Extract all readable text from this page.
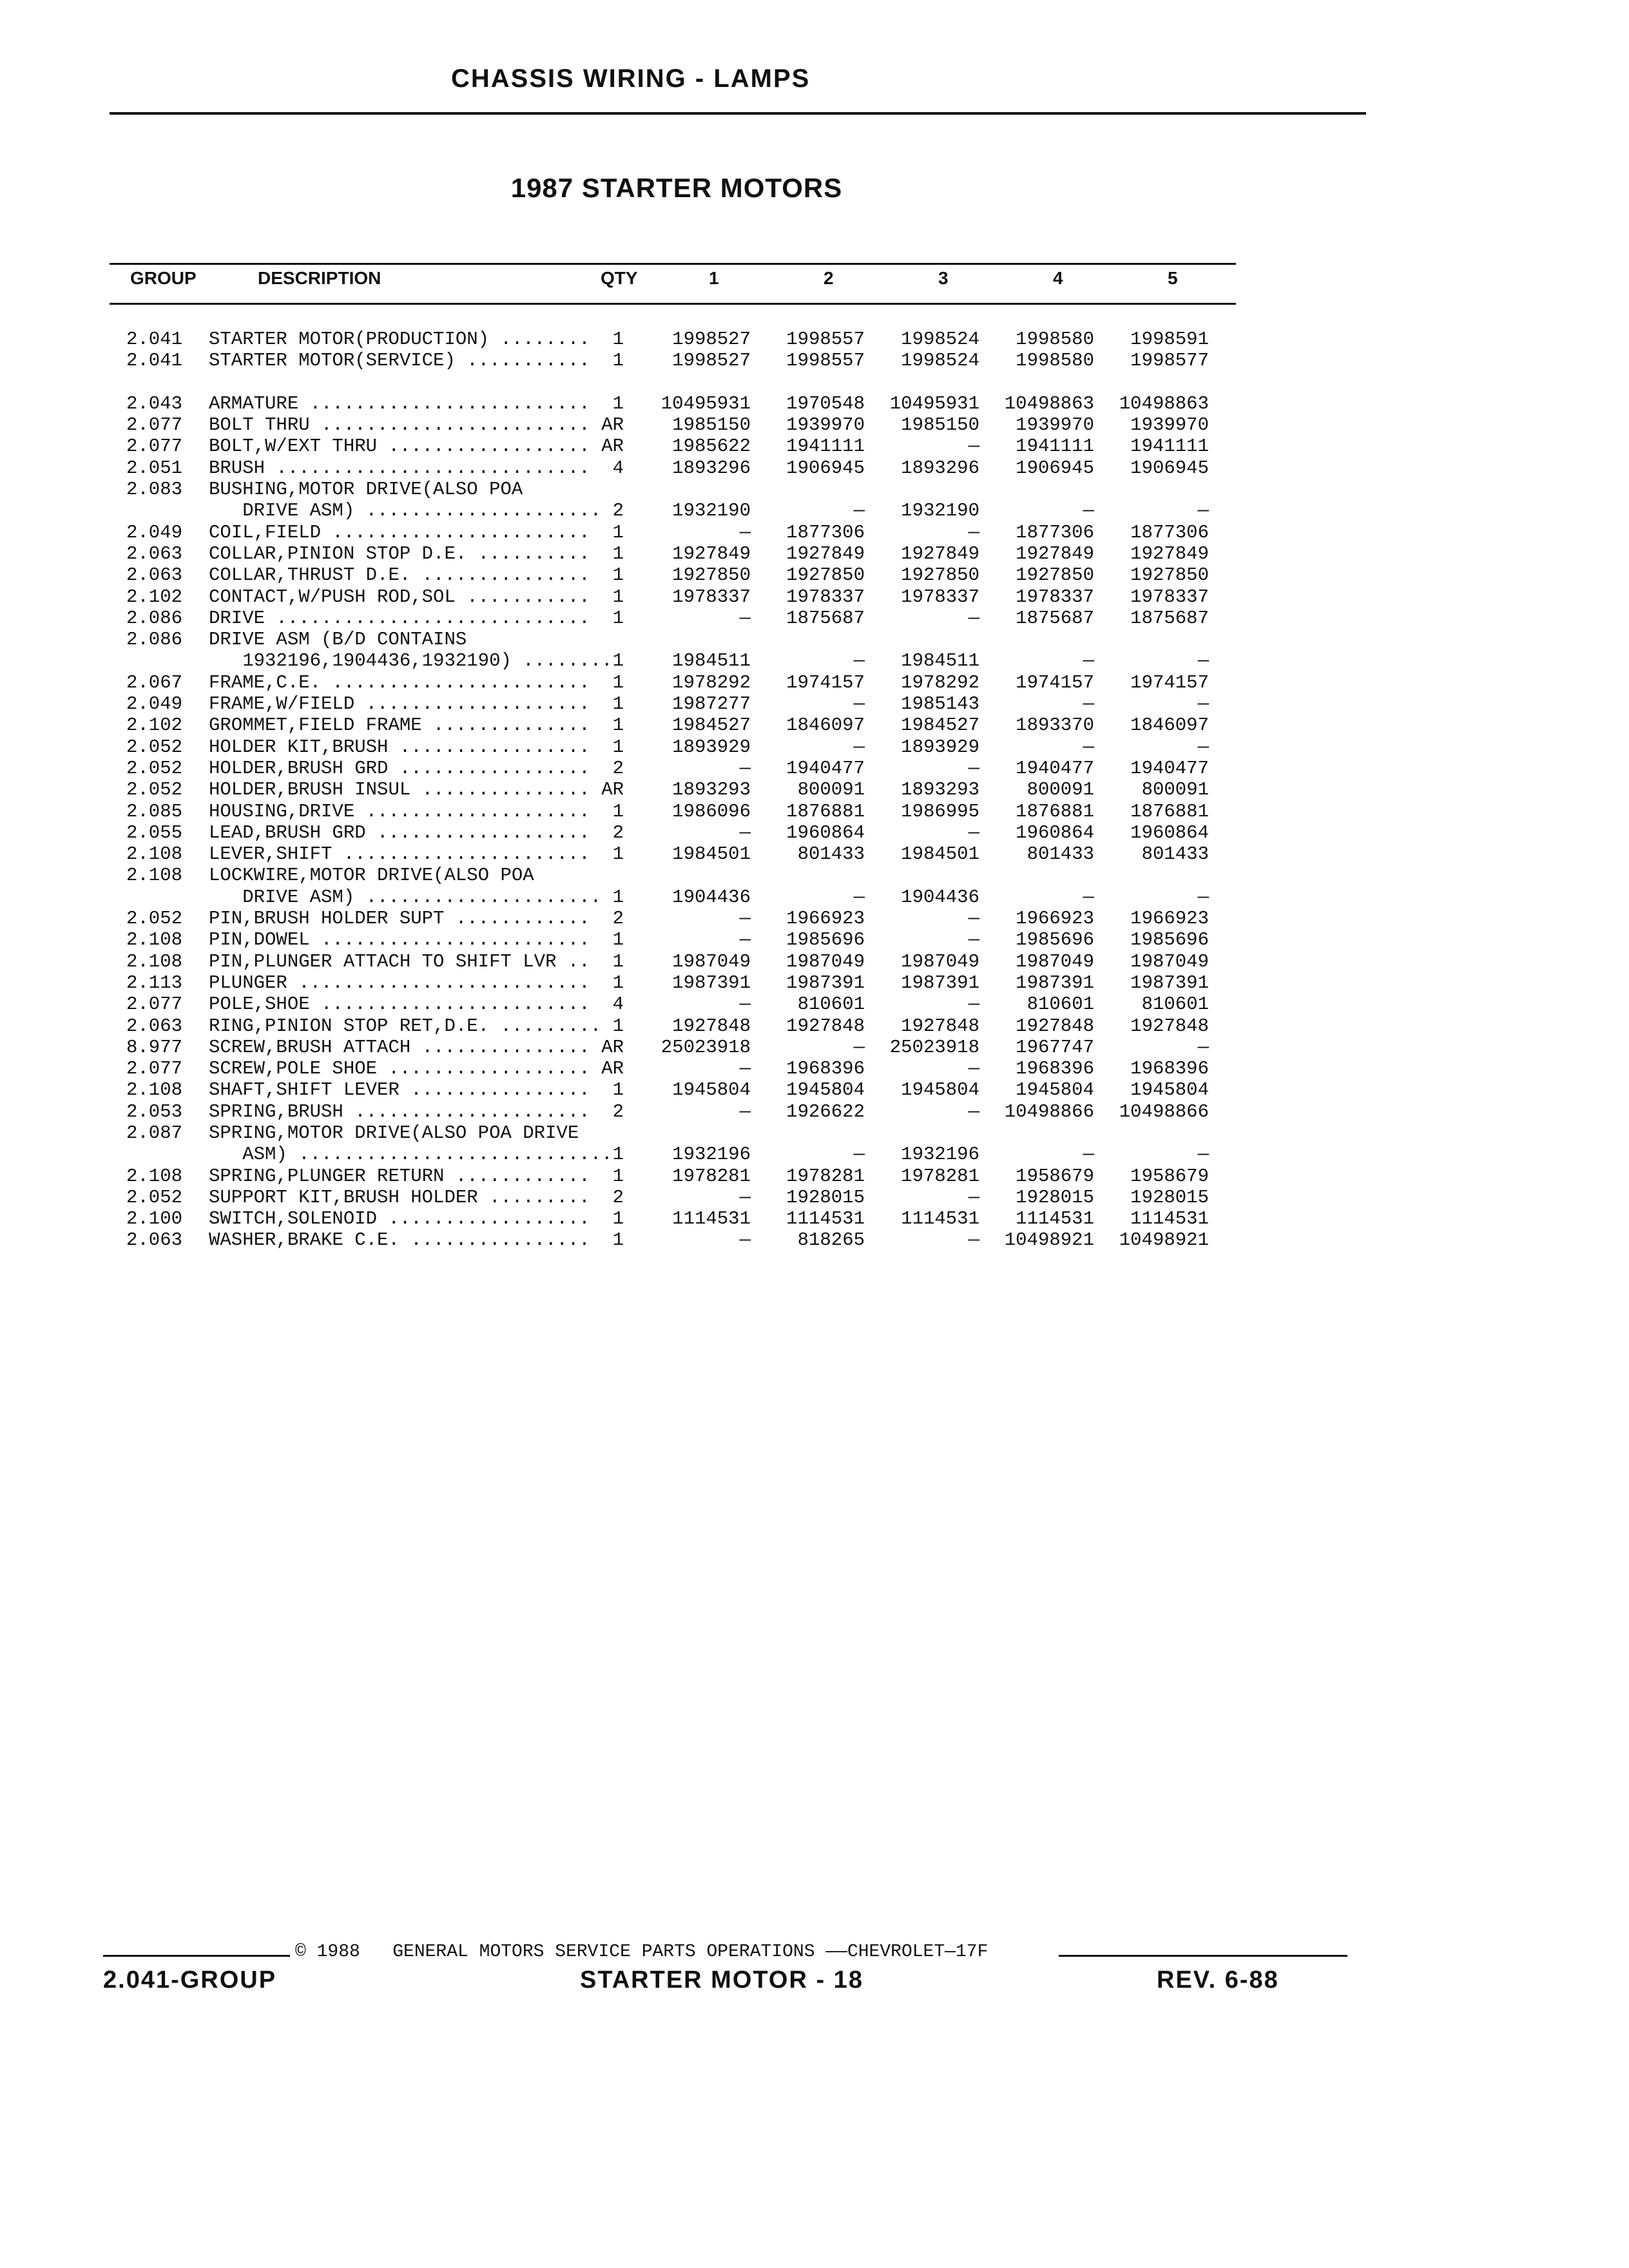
CHASSIS WIRING - LAMPS
1987 STARTER MOTORS
GROUP	DESCRIPTION	QTY	1	2	3	4	5
2.041 STARTER MOTOR(PRODUCTION) ........	1	1998527	1998557	1998524	1998580	1998591
2.041 STARTER MOTOR(SERVICE) ...........	1	1998527	1998557	1998524	1998580	1998577
2.043 ARMATURE .........................	1 10495931	1970548 10495931 10498863 10498863
2.077 BOLT THRU ........................ AR	1985150	1939970	1985150	1939970	1939970
2.077 BOLT,W/EXT THRU .................. AR	1985622	1941111	—	1941111	1941111
2.051 BRUSH ............................	4	1893296	1906945	1893296	1906945	1906945
2.083 BUSHING,MOTOR DRIVE(ALSO POA
DRIVE ASM) ..................... 2	1932190	—	1932190	—	—
2.049 COIL,FIELD .......................	1	—	1877306	—	1877306	1877306
2.063 COLLAR,PINION STOP D.E. ..........	1	1927849	1927849	1927849	1927849	1927849
2.063 COLLAR,THRUST D.E. ...............	1	1927850	1927850	1927850	1927850	1927850
2.102 CONTACT,W/PUSH ROD,SOL ...........	1	1978337	1978337	1978337	1978337	1978337
2.086 DRIVE ............................	1	—	1875687	—	1875687	1875687
2.086 DRIVE ASM (B/D CONTAINS
1932196,1904436,1932190) ........ 1	1984511	—	1984511	—	—
2.067 FRAME,C.E. .......................	1	1978292	1974157	1978292	1974157	1974157
2.049 FRAME,W/FIELD ....................	1	1987277	—	1985143	—	—
2.102 GROMMET,FIELD FRAME ..............	1	1984527	1846097	1984527	1893370	1846097
2.052 HOLDER KIT,BRUSH .................	1	1893929	—	1893929	—	—
2.052 HOLDER,BRUSH GRD .................	2	—	1940477	—	1940477	1940477
2.052 HOLDER,BRUSH INSUL ............... AR	1893293	800091	1893293	800091	800091
2.085 HOUSING,DRIVE ....................	1	1986096	1876881	1986995	1876881	1876881
2.055 LEAD,BRUSH GRD ...................	2	—	1960864	—	1960864	1960864
2.108 LEVER,SHIFT ......................	1	1984501	801433	1984501	801433	801433
2.108 LOCKWIRE,MOTOR DRIVE(ALSO POA
DRIVE ASM) ..................... 1	1904436	—	1904436	—	—
2.052 PIN,BRUSH HOLDER SUPT ............	2	—	1966923	—	1966923	1966923
2.108 PIN,DOWEL ........................	1	—	1985696	—	1985696	1985696
2.108 PIN,PLUNGER ATTACH TO SHIFT LVR ..	1	1987049	1987049	1987049	1987049	1987049
2.113 PLUNGER ..........................	1	1987391	1987391	1987391	1987391	1987391
2.077 POLE,SHOE ........................	4	—	810601	—	810601	810601
2.063 RING,PINION STOP RET,D.E. ......... 1	1927848	1927848	1927848	1927848	1927848
8.977 SCREW,BRUSH ATTACH ............... AR 25023918	— 25023918	1967747	—
2.077 SCREW,POLE SHOE .................. AR	—	1968396	—	1968396	1968396
2.108 SHAFT,SHIFT LEVER ................	1	1945804	1945804	1945804	1945804	1945804
2.053 SPRING,BRUSH .....................	2	—	1926622	— 10498866 10498866
2.087 SPRING,MOTOR DRIVE(ALSO POA DRIVE
ASM) ............................ 1	1932196	—	1932196	—	—
2.108 SPRING,PLUNGER RETURN ............	1	1978281	1978281	1978281	1958679	1958679
2.052 SUPPORT KIT,BRUSH HOLDER .........	2	—	1928015	—	1928015	1928015
2.100 SWITCH,SOLENOID ..................	1	1114531	1114531	1114531	1114531	1114531
2.063 WASHER,BRAKE C.E. ................	1	—	818265	— 10498921 10498921
© 1988   GENERAL MOTORS SERVICE PARTS OPERATIONS ——CHEVROLET—17F
2.041-GROUP	STARTER MOTOR - 18	REV. 6-88
